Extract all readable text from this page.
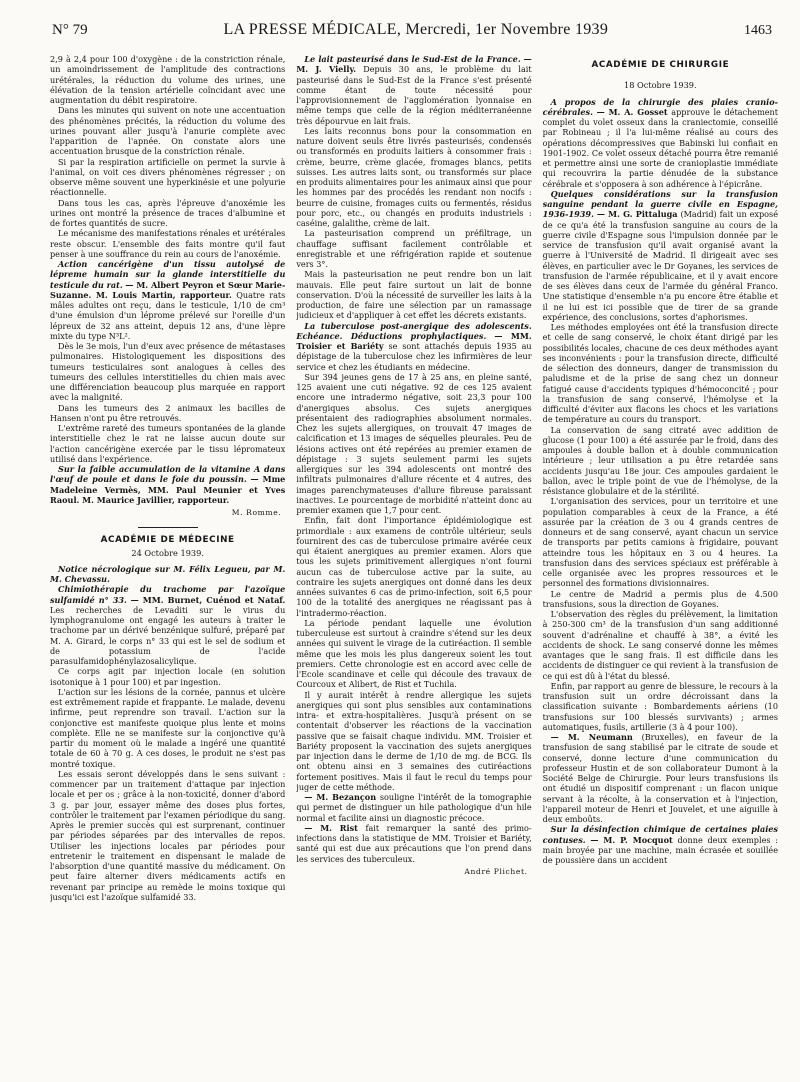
N° 79	LA PRESSE MÉDICALE, Mercredi, 1er Novembre 1939	1463

2,9 à 2,4 pour 100 d'oxygène : de la constriction rénale, un amoindrissement de l'amplitude des contractions urétérales, la réduction du volume des urines, une élévation de la tension artérielle coïncidant avec une augmentation du débit respiratoire.

Dans les minutes qui suivent on note une accentuation des phénomènes précités, la réduction du volume des urines pouvant aller jusqu'à l'anurie complète avec l'apparition de l'apnée. On constate alors une accentuation brusque de la constriction rénale.

Si par la respiration artificielle on permet la survie à l'animal, on voit ces divers phénomènes régresser ; on observe même souvent une hyperkinésie et une polyurie réactionnelle.

Dans tous les cas, après l'épreuve d'anoxémie les urines ont montré la présence de traces d'albumine et de fortes quantités de sucre.

Le mécanisme des manifestations rénales et urétérales reste obscur. L'ensemble des faits montre qu'il faut penser à une souffrance du rein au cours de l'anoxémie.

Action cancérigène d'un tissu autolysé de lépreme humain sur la glande interstitielle du testicule du rat. — M. Albert Peyron et Sœur Marie-Suzanne. M. Louis Martin, rapporteur. Quatre rats mâles adultes ont reçu, dans le testicule, 1/10 de cm³ d'une émulsion d'un léprome prélevé sur l'oreille d'un lépreux de 32 ans atteint, depuis 12 ans, d'une lèpre mixte du type N³L².

Dès le 3e mois, l'un d'eux avec présence de métastases pulmonaires. Histologiquement les dispositions des tumeurs testiculaires sont analogues à celles des tumeurs des cellules interstitielles du chien mais avec une différenciation beaucoup plus marquée en rapport avec la malignité.

Dans les tumeurs des 2 animaux les bacilles de Hansen n'ont pu être retrouvés.

L'extrême rareté des tumeurs spontanées de la glande interstitielle chez le rat ne laisse aucun doute sur l'action cancérigène exercée par le tissu lépromateux utilisé dans l'expérience.

Sur la faible accumulation de la vitamine A dans l'œuf de poule et dans le foie du poussin. — Mme Madeleine Vermès, MM. Paul Meunier et Yves Raoul. M. Maurice Javillier, rapporteur.

M. Romme.
ACADÉMIE DE MÉDECINE
24 Octobre 1939.

Notice nécrologique sur M. Félix Legueu, par M. M. Chevassu.

Chimiothérapie du trachome par l'azoïque sulfamidé n° 33. — MM. Burnet, Cuénod et Nataf. Les recherches de Levaditi sur le virus du lymphogranulome ont engagé les auteurs à traiter le trachome par un dérivé benzénique sulfuré, préparé par M. A. Girard, le corps n° 33 qui est le sel de sodium et de potassium de l'acide parasulfamidophénylazosalicylique.

Ce corps agit par injection locale (en solution isotonique à 1 pour 100) et par ingestion.

L'action sur les lésions de la cornée, pannus et ulcère est extrêmement rapide et frappante. Le malade, devenu infirme, peut reprendre son travail. L'action sur la conjonctive est manifeste quoique plus lente et moins complète. Elle ne se manifeste sur la conjonctive qu'à partir du moment où le malade a ingéré une quantité totale de 60 à 70 g. A ces doses, le produit ne s'est pas montré toxique.

Les essais seront développés dans le sens suivant : commencer par un traitement d'attaque par injection locale et per os ; grâce à la non-toxicité, donner d'abord 3 g. par jour, essayer même des doses plus fortes, contrôler le traitement par l'examen périodique du sang. Après le premier succès qui est surprenant, continuer par périodes séparées par des intervalles de repos. Utiliser les injections locales par périodes pour entretenir le traitement en dispensant le malade de l'absorption d'une quantité massive du médicament. On peut faire alterner divers médicaments actifs en revenant par principe au remède le moins toxique qui jusqu'ici est l'azoïque sulfamidé 33.

Le lait pasteurisé dans le Sud-Est de la France. — M. J. Vielly. Depuis 30 ans, le problème du lait pasteurisé dans le Sud-Est de la France s'est présenté comme étant de toute nécessité pour l'approvisionnement de l'agglomération lyonnaise en même temps que celle de la région méditerranéenne très dépourvue en lait frais.

Les laits reconnus bons pour la consommation en nature doivent seuls être livrés pasteurisés, condensés ou transformés en produits laitiers à consommer frais : crème, beurre, crème glacée, fromages blancs, petits suisses. Les autres laits sont, ou transformés sur place en produits alimentaires pour les animaux ainsi que pour les hommes par des procédés les rendant non nocifs : beurre de cuisine, fromages cuits ou fermentés, résidus pour porc, etc., ou changés en produits industriels : caséine, galalithe, crème de lait.

La pasteurisation comprend un préfiltrage, un chauffage suffisant facilement contrôlable et enregistrable et une réfrigération rapide et soutenue vers 3°.

Mais la pasteurisation ne peut rendre bon un lait mauvais. Elle peut faire surtout un lait de bonne conservation. D'où la nécessité de surveiller les laits à la production, de faire une sélection par un ramassage judicieux et d'appliquer à cet effet les décrets existants.

La tuberculose post-anergique des adolescents. Echéance. Déductions prophylactiques. — MM. Troisier et Bariéty se sont attachés depuis 1935 au dépistage de la tuberculose chez les infirmières de leur service et chez les étudiants en médecine.

Sur 394 jeunes gens de 17 à 25 ans, en pleine santé, 125 avaient une cuti négative. 92 de ces 125 avaient encore une intradermo négative, soit 23,3 pour 100 d'anergiques absolus. Ces sujets anergiques présentaient des radiographies absolument normales. Chez les sujets allergiques, on trouvait 47 images de calcification et 13 images de séquelles pleurales. Peu de lésions actives ont été repérées au premier examen de dépistage : 3 sujets seulement parmi les sujets allergiques sur les 394 adolescents ont montré des infiltrats pulmonaires d'allure récente et 4 autres, des images parenchymateuses d'allure fibreuse paraissant inactives. Le pourcentage de morbidité n'atteint donc au premier examen que 1,7 pour cent.

Enfin, fait dont l'importance épidémiologique est primordiale : aux examens de contrôle ultérieur, seuls fournirent des cas de tuberculose primaire avérée ceux qui étaient anergiques au premier examen. Alors que tous les sujets primitivement allergiques n'ont fourni aucun cas de tuberculose active par la suite, au contraire les sujets anergiques ont donné dans les deux années suivantes 6 cas de primo-infection, soit 6,5 pour 100 de la totalité des anergiques ne réagissant pas à l'intradermo-réaction.

La période pendant laquelle une évolution tuberculeuse est surtout à craindre s'étend sur les deux années qui suivent le virage de la cutiréaction. Il semble même que les mois les plus dangereux soient les tout premiers. Cette chronologie est en accord avec celle de l'Ecole scandinave et celle qui découle des travaux de Courcoux et Alibert, de Rist et Tuchila.

Il y aurait intérêt à rendre allergique les sujets anergiques qui sont plus sensibles aux contaminations intra- et extra-hospitalières. Jusqu'à présent on se contentait d'observer les réactions de la vaccination passive que se faisait chaque individu. MM. Troisier et Bariéty proposent la vaccination des sujets anergiques par injection dans le derme de 1/10 de mg. de BCG. Ils ont obtenu ainsi en 3 semaines des cutiréactions fortement positives. Mais il faut le recul du temps pour juger de cette méthode.

— M. Bezançon souligne l'intérêt de la tomographie qui permet de distinguer un hile pathologique d'un hile normal et facilite ainsi un diagnostic précoce.

— M. Rist fait remarquer la santé des primo-infections dans la statistique de MM. Troisier et Bariéty, santé qui est due aux précautions que l'on prend dans les services des tuberculeux.

André Plichet.
ACADÉMIE DE CHIRURGIE
18 Octobre 1939.

A propos de la chirurgie des plaies cranio-cérébrales. — M. A. Gosset approuve le détachement complet du volet osseux dans la craniectomie, conseillé par Robineau ; il l'a lui-même réalisé au cours des opérations décompressives que Babinski lui confiait en 1901-1902. Ce volet osseux détaché pourra être remanié et permettre ainsi une sorte de cranioplastie immédiate qui recouvrira la partie dénudée de la substance cérébrale et s'opposera à son adhérence à l'épicrâne.

Quelques considérations sur la transfusion sanguine pendant la guerre civile en Espagne, 1936-1939. — M. G. Pittaluga (Madrid) fait un exposé de ce qu'a été la transfusion sanguine au cours de la guerre civile d'Espagne sous l'impulsion donnée par le service de transfusion qu'il avait organisé avant la guerre à l'Université de Madrid. Il dirigeait avec ses élèves, en particulier avec le Dr Goyanes, les services de transfusion de l'armée républicaine, et il y avait encore de ses élèves dans ceux de l'armée du général Franco. Une statistique d'ensemble n'a pu encore être établie et il ne lui est ici possible que de tirer de sa grande expérience, des conclusions, sortes d'aphorismes.

Les méthodes employées ont été la transfusion directe et celle de sang conservé, le choix étant dirigé par les possibilités locales, chacune de ces deux méthodes ayant ses inconvénients : pour la transfusion directe, difficulté de sélection des donneurs, danger de transmission du paludisme et de la prise de sang chez un donneur fatigué cause d'accidents typiques d'hémoconcité ; pour la transfusion de sang conservé, l'hémolyse et la difficulté d'éviter aux flacons les chocs et les variations de température au cours du transport.

La conservation de sang citraté avec addition de glucose (1 pour 100) a été assurée par le froid, dans des ampoules à double ballon et à double communication intérieure ; leur utilisation a pu être retardée sans accidents jusqu'au 18e jour. Ces ampoules gardaient le ballon, avec le triple point de vue de l'hémolyse, de la résistance globulaire et de la stérilité.

L'organisation des services, pour un territoire et une population comparables à ceux de la France, a été assurée par la création de 3 ou 4 grands centres de donneurs et de sang conservé, ayant chacun un service de transports par petits camions à frigidaire, pouvant atteindre tous les hôpitaux en 3 ou 4 heures. La transfusion dans des services spéciaux est préférable à celle organisée avec les propres ressources et le personnel des formations divisionnaires.

Le centre de Madrid a permis plus de 4.500 transfusions, sous la direction de Goyanes.

L'observation des règles du prélèvement, la limitation à 250-300 cm³ de la transfusion d'un sang additionné souvent d'adrénaline et chauffé à 38°, a évité les accidents de shock. Le sang conservé donne les mêmes avantages que le sang frais. Il est difficile dans les accidents de distinguer ce qui revient à la transfusion de ce qui est dû à l'état du blessé.

Enfin, par rapport au genre de blessure, le recours à la transfusion suit un ordre décroissant dans la classification suivante : Bombardements aériens (10 transfusions sur 100 blessés survivants) ; armes automatiques, fusils, artillerie (3 à 4 pour 100).

— M. Neumann (Bruxelles), en faveur de la transfusion de sang stabilisé par le citrate de soude et conservé, donne lecture d'une communication du professeur Hustin et de son collaborateur Dumont à la Société Belge de Chirurgie. Pour leurs transfusions ils ont étudié un dispositif comprenant : un flacon unique servant à la récolte, à la conservation et à l'injection, l'appareil moteur de Henri et Jouvelet, et une aiguille à deux emboûts.

Sur la désinfection chimique de certaines plaies contuses. — M. P. Mocquot donne deux exemples : main broyée par une machine, main écrasée et souillée de poussière dans un accident
